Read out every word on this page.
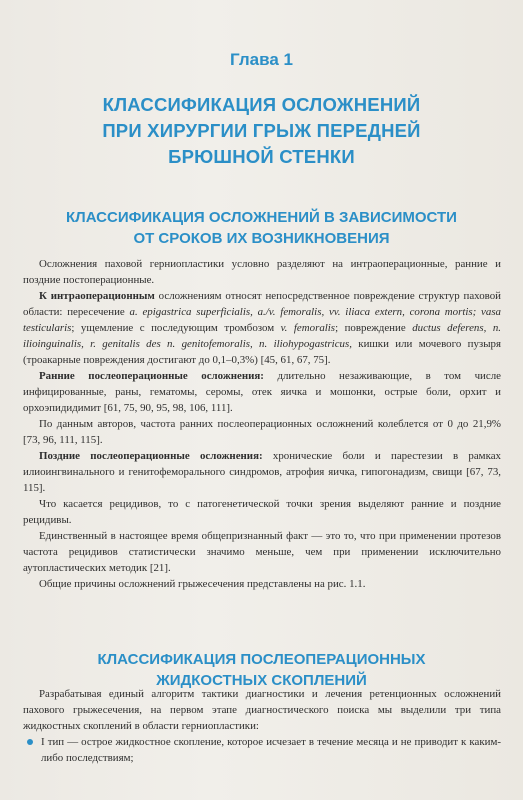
Глава 1
КЛАССИФИКАЦИЯ ОСЛОЖНЕНИЙ
ПРИ ХИРУРГИИ ГРЫЖ ПЕРЕДНЕЙ
БРЮШНОЙ СТЕНКИ
КЛАССИФИКАЦИЯ ОСЛОЖНЕНИЙ В ЗАВИСИМОСТИ
ОТ СРОКОВ ИХ ВОЗНИКНОВЕНИЯ

Осложнения паховой герниопластики условно разделяют на интраоперационные, ранние и поздние постоперационные.

К интраоперационным осложнениям относят непосредственное повреждение структур паховой области: пересечение a. epigastrica superficialis, a./v. femoralis, vv. iliaca extern, corona mortis; vasa testicularis; ущемление с последующим тромбозом v. femoralis; повреждение ductus deferens, n. ilioinguinalis, r. genitalis des n. genitofemoralis, n. iliohypogastricus, кишки или мочевого пузыря (троакарные повреждения достигают до 0,1–0,3%) [45, 61, 67, 75].

Ранние послеоперационные осложнения: длительно незаживающие, в том числе инфицированные, раны, гематомы, серомы, отек яичка и мошонки, острые боли, орхит и орхоэпидидимит [61, 75, 90, 95, 98, 106, 111].

По данным авторов, частота ранних послеоперационных осложнений колеблется от 0 до 21,9% [73, 96, 111, 115].

Поздние послеоперационные осложнения: хронические боли и парестезии в рамках илиоингвинального и генитофеморального синдромов, атрофия яичка, гипогонадизм, свищи [67, 73, 115].

Что касается рецидивов, то с патогенетической точки зрения выделяют ранние и поздние рецидивы.

Единственный в настоящее время общепризнанный факт — это то, что при применении протезов частота рецидивов статистически значимо меньше, чем при применении исключительно аутопластических методик [21].

Общие причины осложнений грыжесечения представлены на рис. 1.1.

КЛАССИФИКАЦИЯ ПОСЛЕОПЕРАЦИОННЫХ
ЖИДКОСТНЫХ СКОПЛЕНИЙ

Разрабатывая единый алгоритм тактики диагностики и лечения ретенционных осложнений пахового грыжесечения, на первом этапе диагностического поиска мы выделили три типа жидкостных скоплений в области герниопластики:

I тип — острое жидкостное скопление, которое исчезает в течение месяца и не приводит к каким-либо последствиям;
